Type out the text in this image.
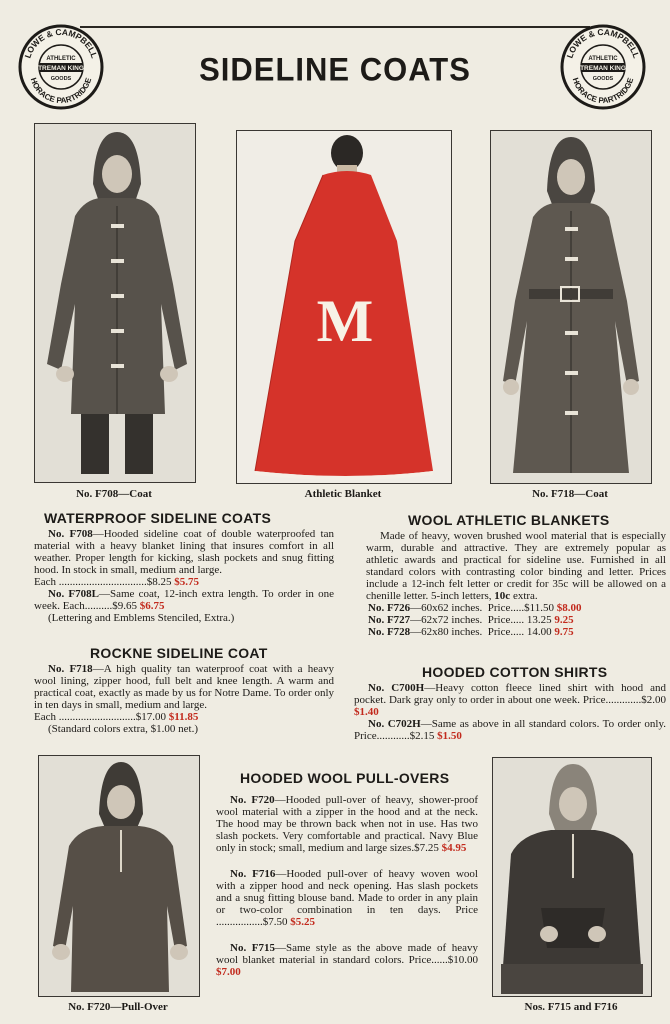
LOWE & CAMPBELL
HORACE PARTRIDGE
ATHLETIC
TREMAN KING
GOODS
LOWE & CAMPBELL
HORACE PARTRIDGE
ATHLETIC
TREMAN KING
GOODS
SIDELINE COATS
No. F708—Coat
M
Athletic Blanket	No. F718—Coat
WATERPROOF SIDELINE COATS

No. F708—Hooded sideline coat of double waterproofed tan material with a heavy blanket lining that insures comfort in all weather. Proper length for kicking, slash pockets and snug fitting hood. In stock in small, medium and large.

Each ................................$8.25 $5.75

No. F708L—Same coat, 12-inch extra length. To order in one week. Each..........$9.65 $6.75

(Lettering and Emblems Stenciled, Extra.)

ROCKNE SIDELINE COAT

No. F718—A high quality tan waterproof coat with a heavy wool lining, zipper hood, full belt and knee length. A warm and practical coat, exactly as made by us for Notre Dame. To order only in ten days in small, medium and large.

Each ............................$17.00 $11.85

(Standard colors extra, $1.00 net.)

WOOL ATHLETIC BLANKETS

Made of heavy, woven brushed wool material that is especially warm, durable and attractive. They are extremely popular as athletic awards and practical for sideline use. Furnished in all standard colors with contrasting color binding and letter. Prices include a 12-inch felt letter or credit for 35c will be allowed on a chenille letter. 5-inch letters, 10c extra.

No. F726 —60x62 inches.
Price.....$11.50
$8.00
No. F727 —62x72 inches.
Price..... 13.25
9.25
No. F728 —62x80 inches.
Price..... 14.00
9.75
HOODED COTTON SHIRTS

No. C700H—Heavy cotton fleece lined shirt with hood and pocket. Dark gray only to order in about one week. Price.............$2.00 $1.40

No. C702H—Same as above in all standard colors. To order only. Price............$2.15 $1.50

No. F720—Pull-Over
HOODED WOOL PULL-OVERS

No. F720—Hooded pull-over of heavy, shower-proof wool material with a zipper in the hood and at the neck. The hood may be thrown back when not in use. Has two slash pockets. Very comfortable and practical. Navy Blue only in stock; small, medium and large sizes.$7.25 $4.95

No. F716—Hooded pull-over of heavy woven wool with a zipper hood and neck opening. Has slash pockets and a snug fitting blouse band. Made to order in any plain or two-color combination in ten days. Price .................$7.50 $5.25

No. F715—Same style as the above made of heavy wool blanket material in standard colors. Price......$10.00 $7.00

Nos. F715 and F716
